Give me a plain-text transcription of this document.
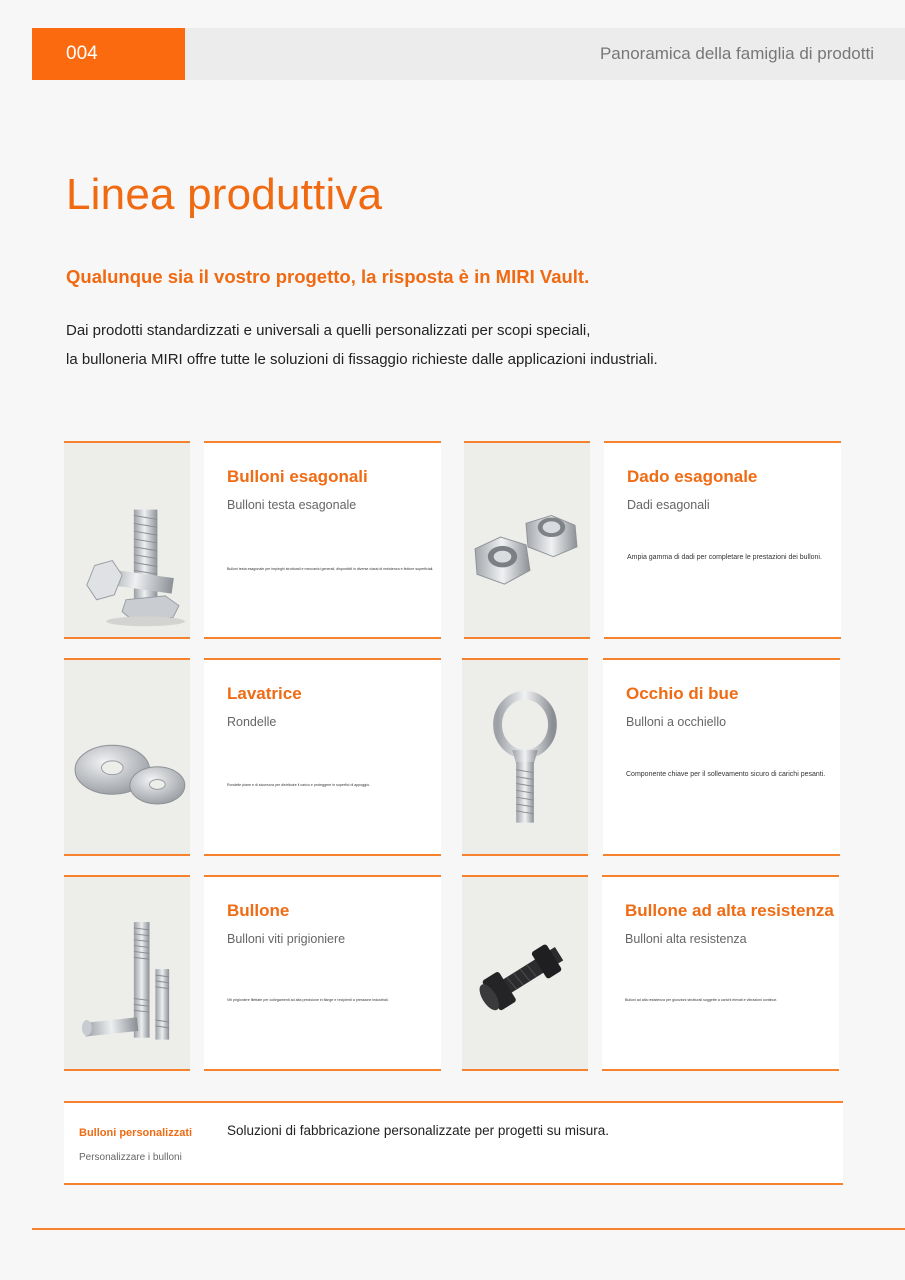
004	Panoramica della famiglia di prodotti
Linea produttiva
Qualunque sia il vostro progetto, la risposta è in MIRI Vault.

Dai prodotti standardizzati e universali a quelli personalizzati per scopi speciali,
la bulloneria MIRI offre tutte le soluzioni di fissaggio richieste dalle applicazioni industriali.

Bulloni esagonali
Bulloni testa esagonale
Bulloni testa esagonale per impieghi strutturali e meccanici generali, disponibili in diverse classi di resistenza e finiture superficiali.
Dado esagonale
Dadi esagonali
Ampia gamma di dadi per completare le prestazioni dei bulloni.
Lavatrice
Rondelle
Rondelle piane e di sicurezza per distribuire il carico e proteggere le superfici di appoggio.
Occhio di bue
Bulloni a occhiello
Componente chiave per il sollevamento sicuro di carichi pesanti.
Bullone
Bulloni viti prigioniere
Viti prigioniere filettate per collegamenti ad alta precisione in flange e recipienti a pressione industriali.
Bullone ad alta resistenza
Bulloni alta resistenza
Bulloni ad alta resistenza per giunzioni strutturali soggette a carichi elevati e vibrazioni continue.
Bulloni personalizzati
Personalizzare i bulloni
Soluzioni di fabbricazione personalizzate per progetti su misura.
